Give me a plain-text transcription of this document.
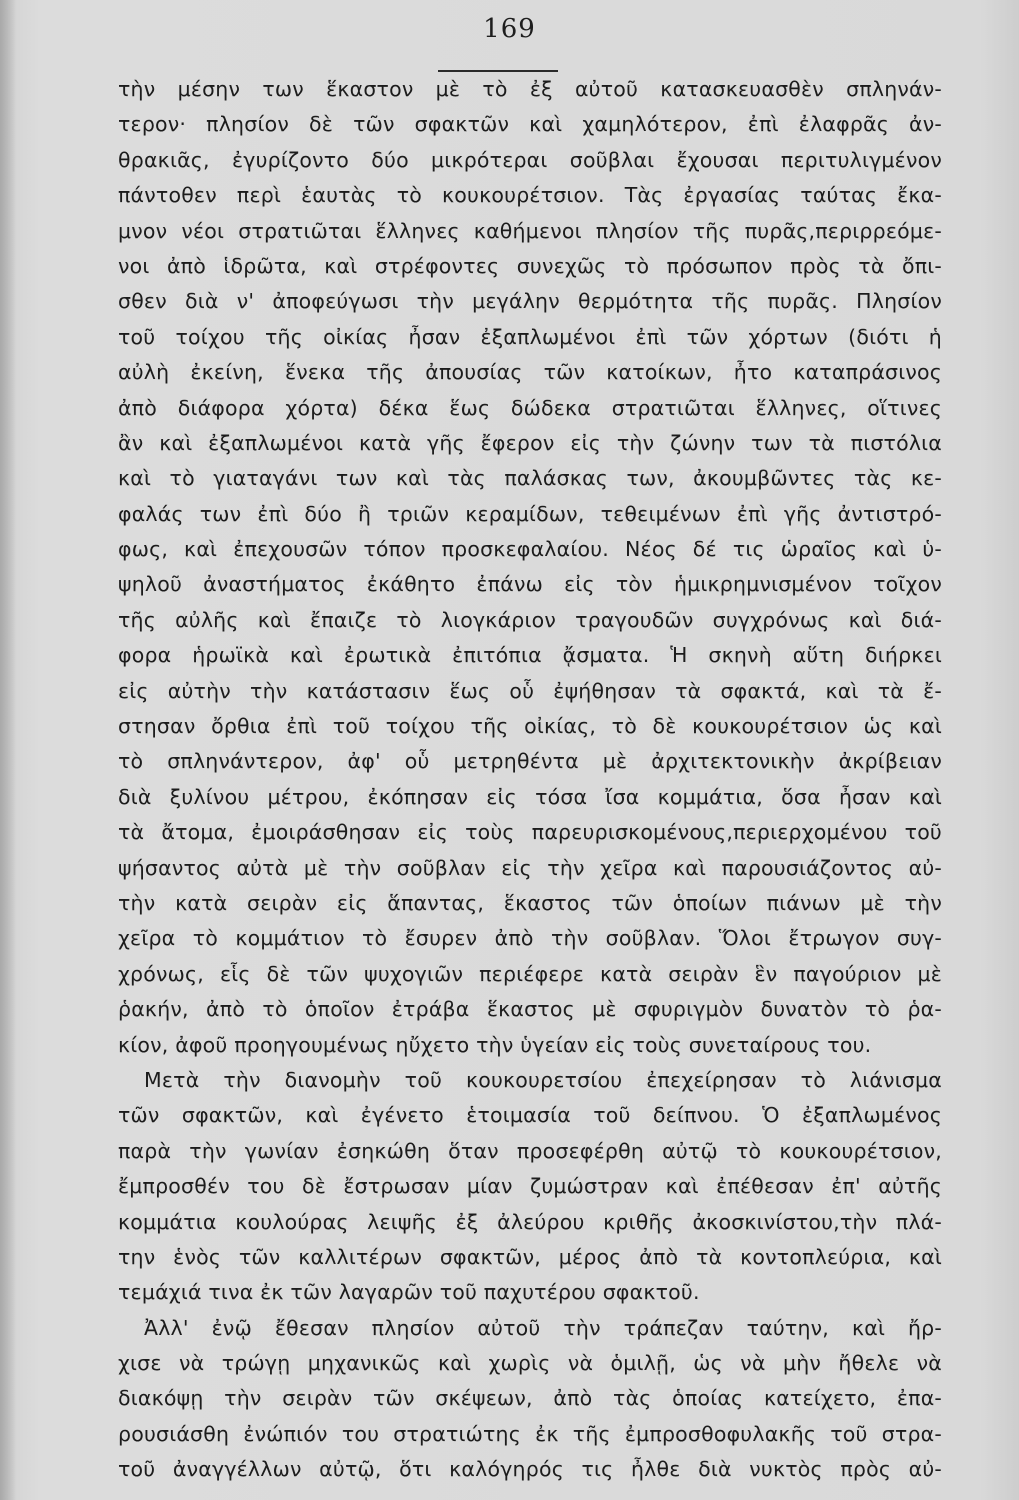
169
τὴν μέσην των ἕκαστον μὲ τὸ ἐξ αὐτοῦ κατασκευασθὲν σπληνάν-
τερον· πλησίον δὲ τῶν σφακτῶν καὶ χαμηλότερον, ἐπὶ ἐλαφρᾶς ἀν-
θρακιᾶς, ἐγυρίζοντο δύο μικρότεραι σοῦβλαι ἔχουσαι περιτυλιγμένον
πάντοθεν περὶ ἑαυτὰς τὸ κουκουρέτσιον. Τὰς ἐργασίας ταύτας ἔκα-
μνον νέοι στρατιῶται ἕλληνες καθήμενοι πλησίον τῆς πυρᾶς,περιρρεόμε-
νοι ἀπὸ ἱδρῶτα, καὶ στρέφοντες συνεχῶς τὸ πρόσωπον πρὸς τὰ ὄπι-
σθεν διὰ ν' ἀποφεύγωσι τὴν μεγάλην θερμότητα τῆς πυρᾶς. Πλησίον
τοῦ τοίχου τῆς οἰκίας ἦσαν ἐξαπλωμένοι ἐπὶ τῶν χόρτων (διότι ἡ
αὐλὴ ἐκείνη, ἕνεκα τῆς ἀπουσίας τῶν κατοίκων, ἦτο καταπράσινος
ἀπὸ διάφορα χόρτα) δέκα ἕως δώδεκα στρατιῶται ἕλληνες, οἵτινες
ἂν καὶ ἐξαπλωμένοι κατὰ γῆς ἔφερον εἰς τὴν ζώνην των τὰ πιστόλια
καὶ τὸ γιαταγάνι των καὶ τὰς παλάσκας των, ἀκουμβῶντες τὰς κε-
φαλάς των ἐπὶ δύο ἢ τριῶν κεραμίδων, τεθειμένων ἐπὶ γῆς ἀντιστρό-
φως, καὶ ἐπεχουσῶν τόπον προσκεφαλαίου. Νέος δέ τις ὡραῖος καὶ ὑ-
ψηλοῦ ἀναστήματος ἐκάθητο ἐπάνω εἰς τὸν ἡμικρημνισμένον τοῖχον
τῆς αὐλῆς καὶ ἔπαιζε τὸ λιογκάριον τραγουδῶν συγχρόνως καὶ διά-
φορα ἡρωϊκὰ καὶ ἐρωτικὰ ἐπιτόπια ᾄσματα. Ἡ σκηνὴ αὕτη διήρκει
εἰς αὐτὴν τὴν κατάστασιν ἕως οὗ ἐψήθησαν τὰ σφακτά, καὶ τὰ ἔ-
στησαν ὄρθια ἐπὶ τοῦ τοίχου τῆς οἰκίας, τὸ δὲ κουκουρέτσιον ὡς καὶ
τὸ σπληνάντερον, ἀφ' οὗ μετρηθέντα μὲ ἀρχιτεκτονικὴν ἀκρίβειαν
διὰ ξυλίνου μέτρου, ἐκόπησαν εἰς τόσα ἴσα κομμάτια, ὅσα ἦσαν καὶ
τὰ ἄτομα, ἐμοιράσθησαν εἰς τοὺς παρευρισκομένους,περιερχομένου τοῦ
ψήσαντος αὐτὰ μὲ τὴν σοῦβλαν εἰς τὴν χεῖρα καὶ παρουσιάζοντος αὐ-
τὴν κατὰ σειρὰν εἰς ἅπαντας, ἕκαστος τῶν ὁποίων πιάνων μὲ τὴν
χεῖρα τὸ κομμάτιον τὸ ἔσυρεν ἀπὸ τὴν σοῦβλαν. Ὅλοι ἔτρωγον συγ-
χρόνως, εἷς δὲ τῶν ψυχογιῶν περιέφερε κατὰ σειρὰν ἓν παγούριον μὲ
ῥακήν, ἀπὸ τὸ ὁποῖον ἐτράβα ἕκαστος μὲ σφυριγμὸν δυνατὸν τὸ ῥα-
κίον, ἀφοῦ προηγουμένως ηὔχετο τὴν ὑγείαν εἰς τοὺς συνεταίρους του.
Μετὰ τὴν διανομὴν τοῦ κουκουρετσίου ἐπεχείρησαν τὸ λιάνισμα
τῶν σφακτῶν, καὶ ἐγένετο ἑτοιμασία τοῦ δείπνου. Ὁ ἐξαπλωμένος
παρὰ τὴν γωνίαν ἐσηκώθη ὅταν προσεφέρθη αὐτῷ τὸ κουκουρέτσιον,
ἔμπροσθέν του δὲ ἔστρωσαν μίαν ζυμώστραν καὶ ἐπέθεσαν ἐπ' αὐτῆς
κομμάτια κουλούρας λειψῆς ἐξ ἀλεύρου κριθῆς ἀκοσκινίστου,τὴν πλά-
την ἑνὸς τῶν καλλιτέρων σφακτῶν, μέρος ἀπὸ τὰ κοντοπλεύρια, καὶ
τεμάχιά τινα ἐκ τῶν λαγαρῶν τοῦ παχυτέρου σφακτοῦ.
Ἀλλ' ἐνῷ ἔθεσαν πλησίον αὐτοῦ τὴν τράπεζαν ταύτην, καὶ ἤρ-
χισε νὰ τρώγῃ μηχανικῶς καὶ χωρὶς νὰ ὁμιλῇ, ὡς νὰ μὴν ἤθελε νὰ
διακόψῃ τὴν σειρὰν τῶν σκέψεων, ἀπὸ τὰς ὁποίας κατείχετο, ἐπα-
ρουσιάσθη ἐνώπιόν του στρατιώτης ἐκ τῆς ἐμπροσθοφυλακῆς τοῦ στρα-
τοῦ ἀναγγέλλων αὐτῷ, ὅτι καλόγηρός τις ἦλθε διὰ νυκτὸς πρὸς αὐ-
